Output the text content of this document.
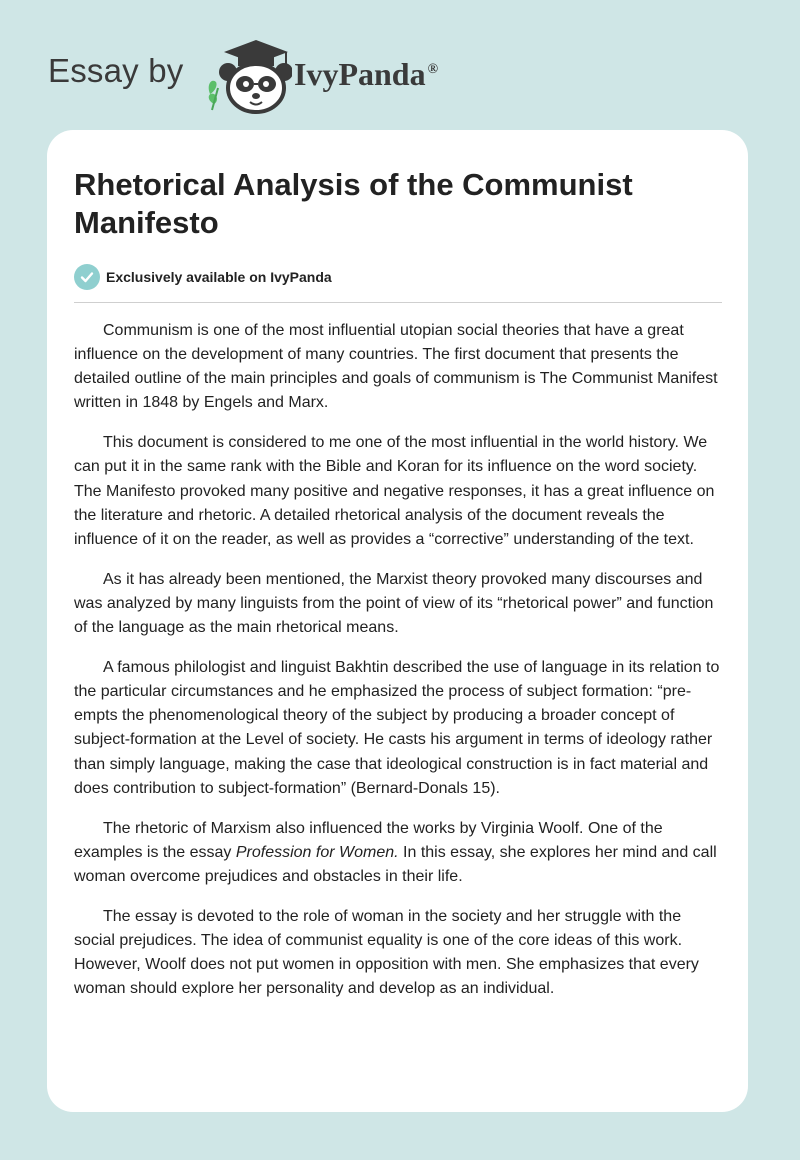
Essay by	IvyPanda ®
Rhetorical Analysis of the Communist Manifesto
Exclusively available on IvyPanda

Communism is one of the most influential utopian social theories that have a great influence on the development of many countries. The first document that presents the detailed outline of the main principles and goals of communism is The Communist Manifest written in 1848 by Engels and Marx.

This document is considered to me one of the most influential in the world history. We can put it in the same rank with the Bible and Koran for its influence on the word society. The Manifesto provoked many positive and negative responses, it has a great influence on the literature and rhetoric. A detailed rhetorical analysis of the document reveals the influence of it on the reader, as well as provides a “corrective” understanding of the text.

As it has already been mentioned, the Marxist theory provoked many discourses and was analyzed by many linguists from the point of view of its “rhetorical power” and function of the language as the main rhetorical means.

A famous philologist and linguist Bakhtin described the use of language in its relation to the particular circumstances and he emphasized the process of subject formation: “pre-empts the phenomenological theory of the subject by producing a broader concept of subject-formation at the Level of society. He casts his argument in terms of ideology rather than simply language, making the case that ideological construction is in fact material and does contribution to subject-formation” (Bernard-Donals 15).

The rhetoric of Marxism also influenced the works by Virginia Woolf. One of the examples is the essay Profession for Women. In this essay, she explores her mind and call woman overcome prejudices and obstacles in their life.

The essay is devoted to the role of woman in the society and her struggle with the social prejudices. The idea of communist equality is one of the core ideas of this work. However, Woolf does not put women in opposition with men. She emphasizes that every woman should explore her personality and develop as an individual.
